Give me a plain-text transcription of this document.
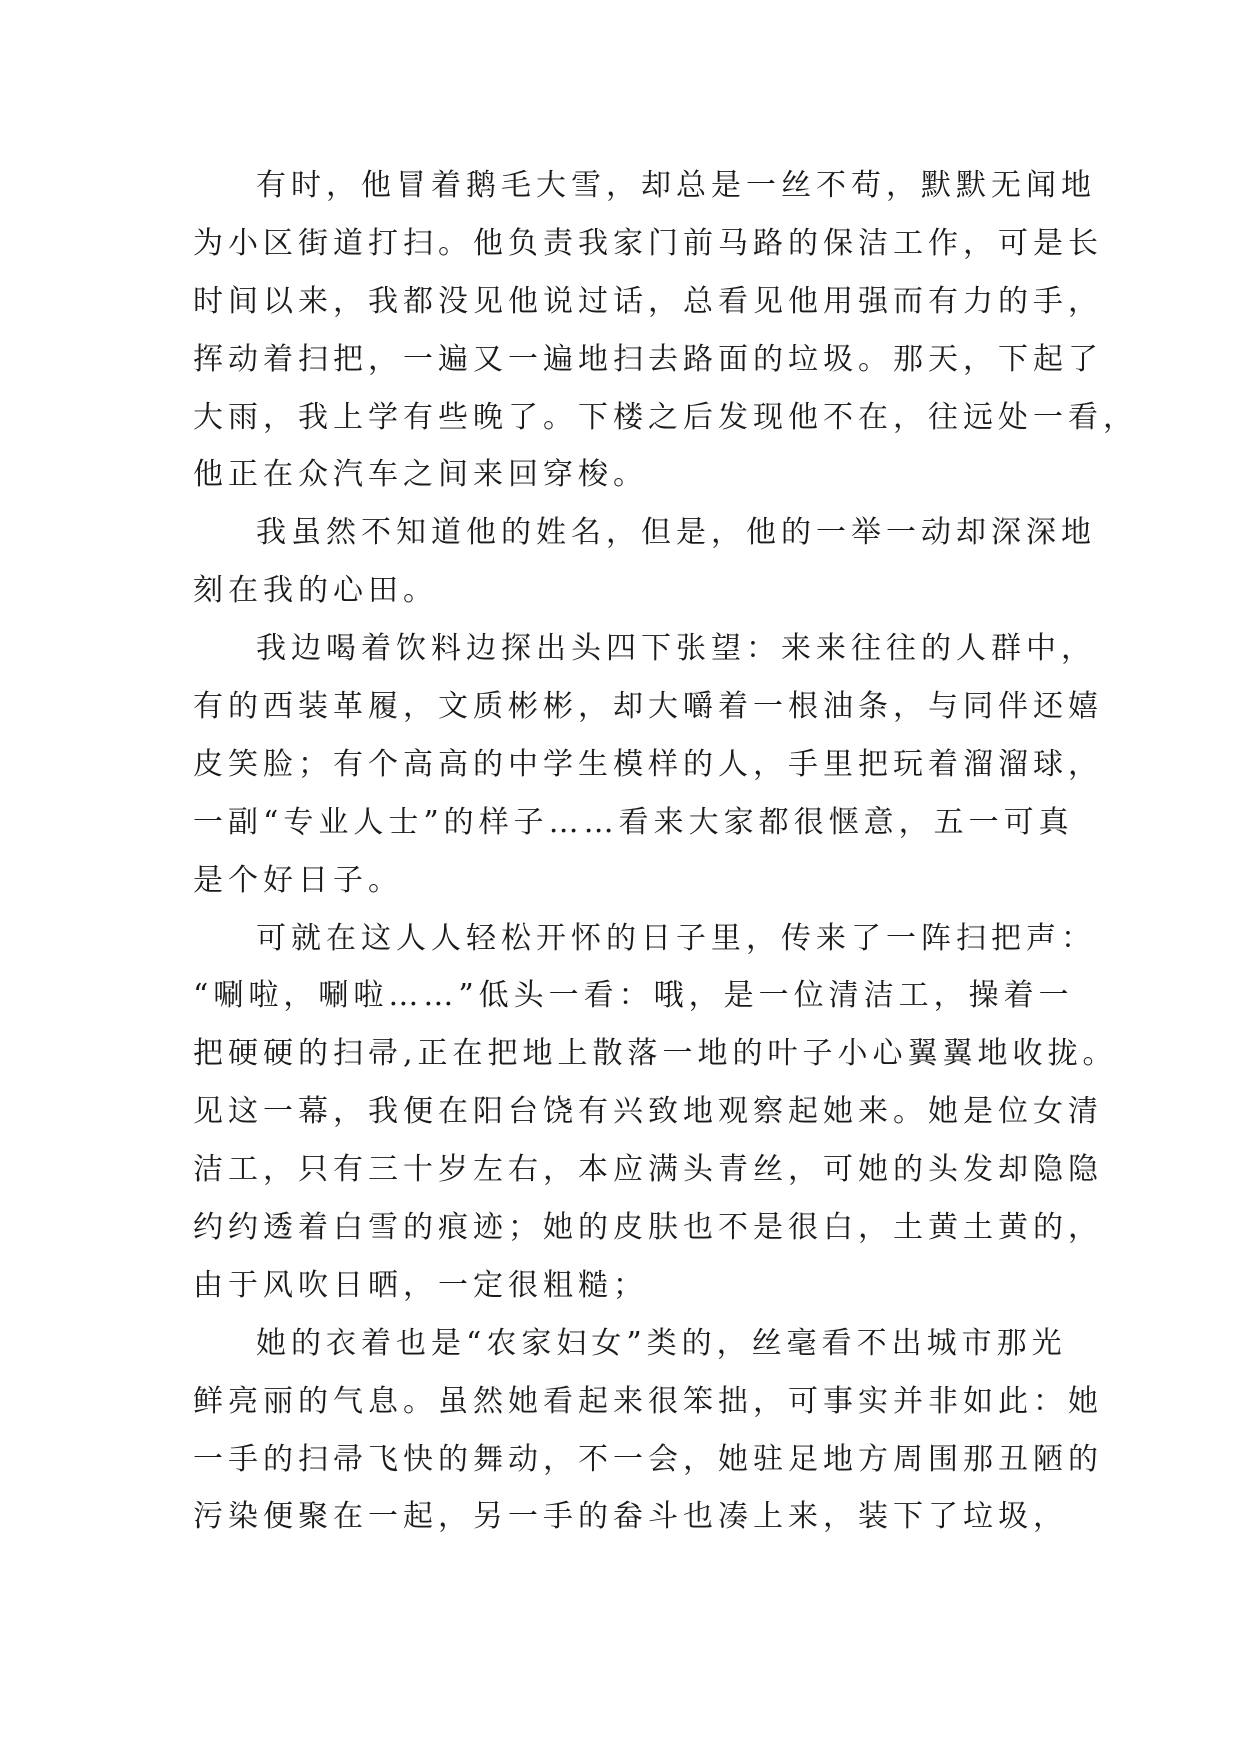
有时，他冒着鹅毛大雪，却总是一丝不苟，默默无闻地
为小区街道打扫。他负责我家门前马路的保洁工作，可是长
时间以来，我都没见他说过话，总看见他用强而有力的手，
挥动着扫把，一遍又一遍地扫去路面的垃圾。那天，下起了
大雨，我上学有些晚了。下楼之后发现他不在，往远处一看，
他正在众汽车之间来回穿梭。
我虽然不知道他的姓名，但是，他的一举一动却深深地
刻在我的心田。
我边喝着饮料边探出头四下张望：来来往往的人群中，
有的西装革履，文质彬彬，却大嚼着一根油条，与同伴还嬉
皮笑脸；有个高高的中学生模样的人，手里把玩着溜溜球，
一副“专业人士”的样子……看来大家都很惬意，五一可真
是个好日子。
可就在这人人轻松开怀的日子里，传来了一阵扫把声：
“唰啦，唰啦……”低头一看：哦，是一位清洁工，操着一
把硬硬的扫帚,正在把地上散落一地的叶子小心翼翼地收拢。
见这一幕，我便在阳台饶有兴致地观察起她来。她是位女清
洁工，只有三十岁左右，本应满头青丝，可她的头发却隐隐
约约透着白雪的痕迹；她的皮肤也不是很白，土黄土黄的，
由于风吹日晒，一定很粗糙；
她的衣着也是“农家妇女”类的，丝毫看不出城市那光
鲜亮丽的气息。虽然她看起来很笨拙，可事实并非如此：她
一手的扫帚飞快的舞动，不一会，她驻足地方周围那丑陋的
污染便聚在一起，另一手的畚斗也凑上来，装下了垃圾，
